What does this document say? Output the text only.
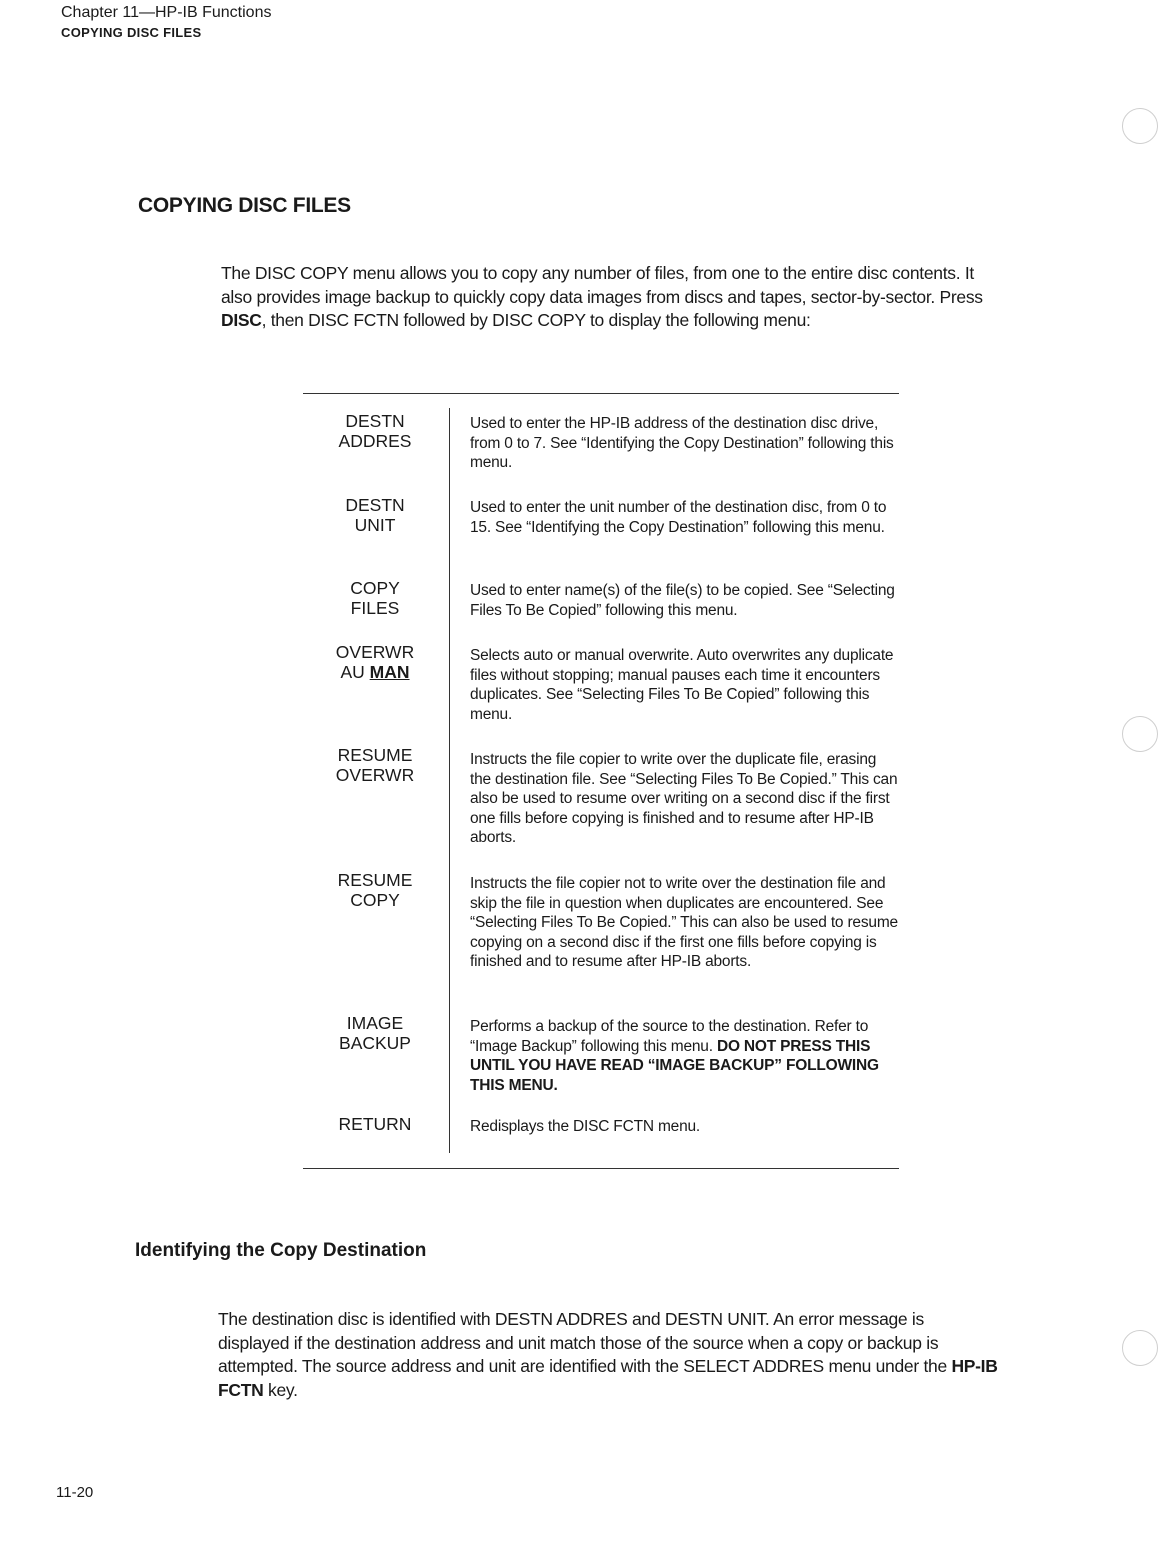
Chapter 11—HP-IB Functions
COPYING DISC FILES
COPYING DISC FILES
The DISC COPY menu allows you to copy any number of files, from one to the entire disc contents. It also provides image backup to quickly copy data images from discs and tapes, sector-by-sector. Press DISC, then DISC FCTN followed by DISC COPY to display the following menu:
DESTN
ADDRES
Used to enter the HP-IB address of the destination disc drive, from 0 to 7. See “Identifying the Copy Destination” following this menu.
DESTN
UNIT
Used to enter the unit number of the destination disc, from 0 to 15. See “Identifying the Copy Destination” following this menu.
COPY
FILES
Used to enter name(s) of the file(s) to be copied. See “Selecting Files To Be Copied” following this menu.
OVERWR
AU MAN
Selects auto or manual overwrite. Auto overwrites any duplicate files without stopping; manual pauses each time it encounters duplicates. See “Selecting Files To Be Copied” following this menu.
RESUME
OVERWR
Instructs the file copier to write over the duplicate file, erasing the destination file. See “Selecting Files To Be Copied.” This can also be used to resume over writing on a second disc if the first one fills before copying is finished and to resume after HP-IB aborts.
RESUME
COPY
Instructs the file copier not to write over the destination file and skip the file in question when duplicates are encountered. See “Selecting Files To Be Copied.” This can also be used to resume copying on a second disc if the first one fills before copying is finished and to resume after HP-IB aborts.
IMAGE
BACKUP
Performs a backup of the source to the destination. Refer to “Image Backup” following this menu. DO NOT PRESS THIS UNTIL YOU HAVE READ “IMAGE BACKUP” FOLLOWING THIS MENU.
RETURN	Redisplays the DISC FCTN menu.
Identifying the Copy Destination
The destination disc is identified with DESTN ADDRES and DESTN UNIT. An error message is displayed if the destination address and unit match those of the source when a copy or backup is attempted. The source address and unit are identified with the SELECT ADDRES menu under the HP-IB FCTN key.
11-20
